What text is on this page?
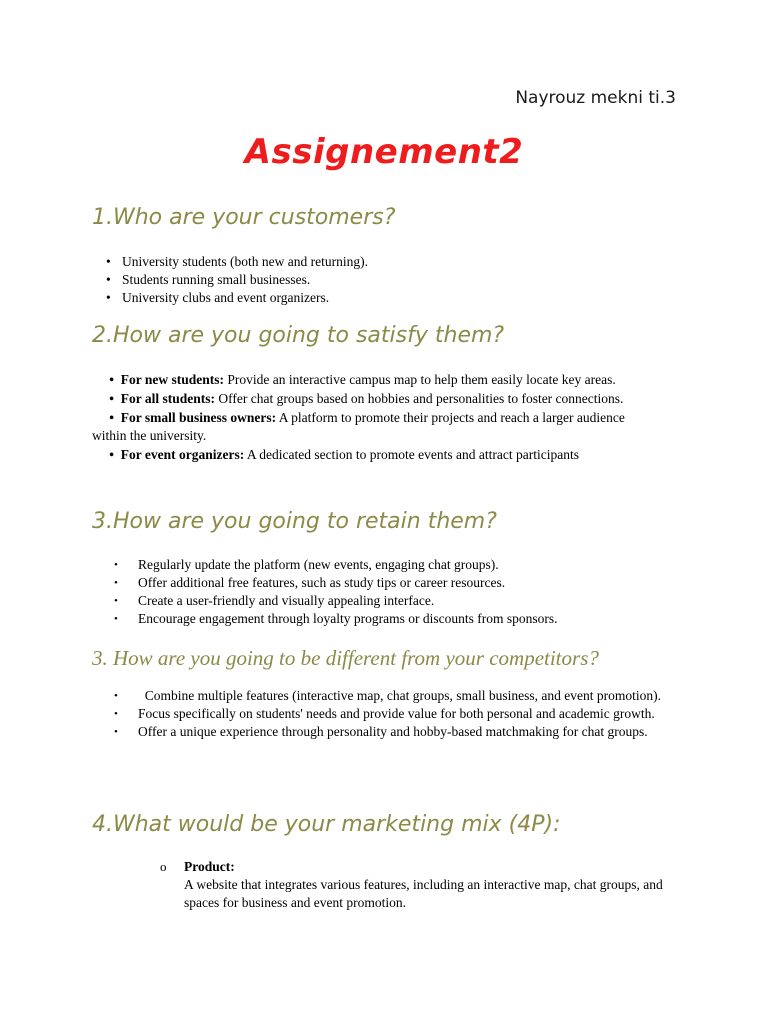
Nayrouz mekni ti.3
Assignement2
1.Who are your customers?
• University students (both new and returning).
• Students running small businesses.
• University clubs and event organizers.
2.How are you going to satisfy them?
• For new students: Provide an interactive campus map to help them easily locate key areas.
• For all students: Offer chat groups based on hobbies and personalities to foster connections.
• For small business owners: A platform to promote their projects and reach a larger audience within the university.
• For event organizers: A dedicated section to promote events and attract participants
3.How are you going to retain them?
• Regularly update the platform (new events, engaging chat groups).
• Offer additional free features, such as study tips or career resources.
• Create a user-friendly and visually appealing interface.
• Encourage engagement through loyalty programs or discounts from sponsors.
3. How are you going to be different from your competitors?
•   Combine multiple features (interactive map, chat groups, small business, and event promotion).
• Focus specifically on students' needs and provide value for both personal and academic growth.
• Offer a unique experience through personality and hobby-based matchmaking for chat groups.
4.What would be your marketing mix (4P):
o Product:
A website that integrates various features, including an interactive map, chat groups, and spaces for business and event promotion.
